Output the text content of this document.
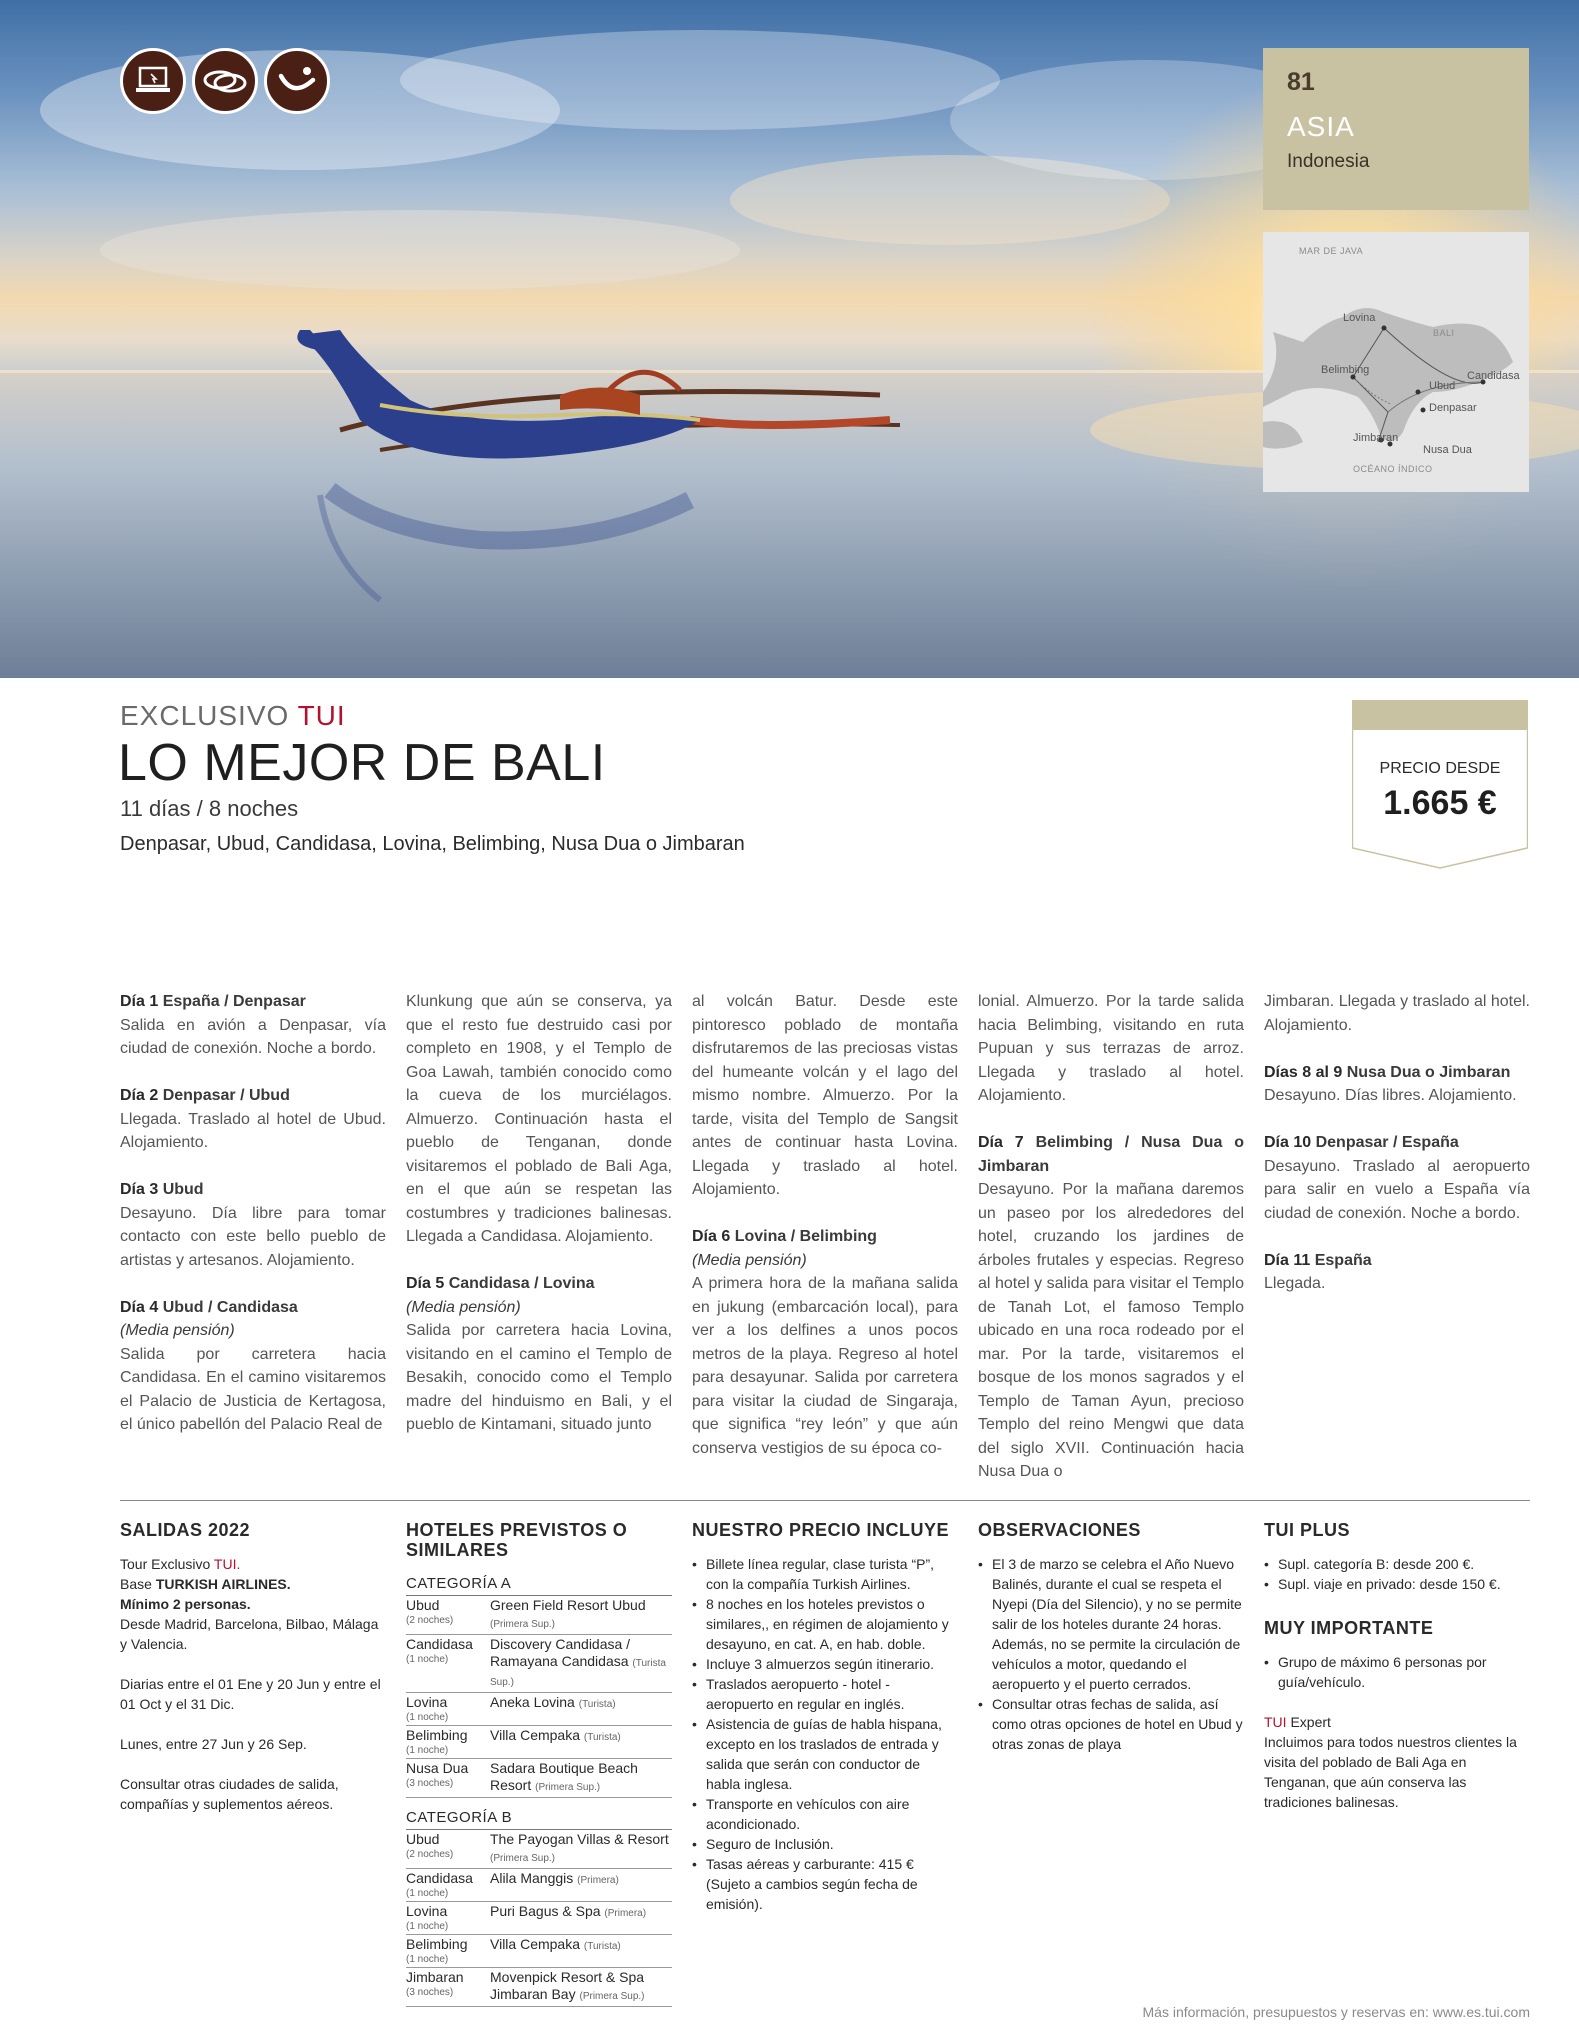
81
ASIA
Indonesia
MAR DE JAVA
Lovina
BALI
Belimbing	Candidasa
Ubud
Denpasar
Jimbaran
Nusa Dua
OCÉANO ÍNDICO
EXCLUSIVO TUI
LO MEJOR DE BALI
11 días / 8 noches
Denpasar, Ubud, Candidasa, Lovina, Belimbing, Nusa Dua o Jimbaran
PRECIO DESDE
1.665 €

Día 1 España / Denpasar
Salida en avión a Denpasar, vía ciudad de conexión. Noche a bordo.

Día 2 Denpasar / Ubud
Llegada. Traslado al hotel de Ubud. Alojamiento.

Día 3 Ubud
Desayuno. Día libre para tomar contacto con este bello pueblo de artistas y artesanos. Alojamiento.

Día 4 Ubud / Candidasa
(Media pensión)
Salida por carretera hacia Candidasa. En el camino visitaremos el Palacio de Justicia de Kertagosa, el único pabellón del Palacio Real de

Klunkung que aún se conserva, ya que el resto fue destruido casi por completo en 1908, y el Templo de Goa Lawah, también conocido como la cueva de los murciélagos. Almuerzo. Continuación hasta el pueblo de Tenganan, donde visitaremos el poblado de Bali Aga, en el que aún se respetan las costumbres y tradiciones balinesas. Llegada a Candidasa. Alojamiento.

Día 5 Candidasa / Lovina
(Media pensión)
Salida por carretera hacia Lovina, visitando en el camino el Templo de Besakih, conocido como el Templo madre del hinduismo en Bali, y el pueblo de Kintamani, situado junto

al volcán Batur. Desde este pintoresco poblado de montaña disfrutaremos de las preciosas vistas del humeante volcán y el lago del mismo nombre. Almuerzo. Por la tarde, visita del Templo de Sangsit antes de continuar hasta Lovina. Llegada y traslado al hotel. Alojamiento.

Día 6 Lovina / Belimbing
(Media pensión)
A primera hora de la mañana salida en jukung (embarcación local), para ver a los delfines a unos pocos metros de la playa. Regreso al hotel para desayunar. Salida por carretera para visitar la ciudad de Singaraja, que significa “rey león” y que aún conserva vestigios de su época co-

lonial. Almuerzo. Por la tarde salida hacia Belimbing, visitando en ruta Pupuan y sus terrazas de arroz. Llegada y traslado al hotel. Alojamiento.

Día 7 Belimbing / Nusa Dua o Jimbaran
Desayuno. Por la mañana daremos un paseo por los alrededores del hotel, cruzando los jardines de árboles frutales y especias. Regreso al hotel y salida para visitar el Templo de Tanah Lot, el famoso Templo ubicado en una roca rodeado por el mar. Por la tarde, visitaremos el bosque de los monos sagrados y el Templo de Taman Ayun, precioso Templo del reino Mengwi que data del siglo XVII. Continuación hacia Nusa Dua o

Jimbaran. Llegada y traslado al hotel. Alojamiento.

Días 8 al 9 Nusa Dua o Jimbaran
Desayuno. Días libres. Alojamiento.

Día 10 Denpasar / España
Desayuno. Traslado al aeropuerto para salir en vuelo a España vía ciudad de conexión. Noche a bordo.

Día 11 España
Llegada.

SALIDAS 2022
Tour Exclusivo TUI.
Base TURKISH AIRLINES.
Mínimo 2 personas.
Desde Madrid, Barcelona, Bilbao, Málaga y Valencia.
Diarias entre el 01 Ene y 20 Jun y entre el 01 Oct y el 31 Dic.
Lunes, entre 27 Jun y 26 Sep.
Consultar otras ciudades de salida, compañías y suplementos aéreos.
HOTELES PREVISTOS O SIMILARES
CATEGORÍA A
Ubud
(2 noches)
Green Field Resort Ubud (Primera Sup.)
Candidasa
(1 noche)
Discovery Candidasa / Ramayana Candidasa (Turista Sup.)
Lovina
(1 noche)
Aneka Lovina (Turista)
Belimbing
(1 noche)
Villa Cempaka (Turista)
Nusa Dua
(3 noches)
Sadara Boutique Beach Resort (Primera Sup.)
CATEGORÍA B
Ubud
(2 noches)
The Payogan Villas & Resort (Primera Sup.)
Candidasa
(1 noche)
Alila Manggis (Primera)
Lovina
(1 noche)
Puri Bagus & Spa (Primera)
Belimbing
(1 noche)
Villa Cempaka (Turista)
Jimbaran
(3 noches)
Movenpick Resort & Spa Jimbaran Bay (Primera Sup.)
NUESTRO PRECIO INCLUYE
• Billete línea regular, clase turista “P”, con la compañía Turkish Airlines.
• 8 noches en los hoteles previstos o similares,, en régimen de alojamiento y desayuno, en cat. A, en hab. doble.
• Incluye 3 almuerzos según itinerario.
• Traslados aeropuerto - hotel - aeropuerto en regular en inglés.
• Asistencia de guías de habla hispana, excepto en los traslados de entrada y salida que serán con conductor de habla inglesa.
• Transporte en vehículos con aire acondicionado.
• Seguro de Inclusión.
• Tasas aéreas y carburante: 415 € (Sujeto a cambios según fecha de emisión).
OBSERVACIONES
• El 3 de marzo se celebra el Año Nuevo Balinés, durante el cual se respeta el Nyepi (Día del Silencio), y no se permite salir de los hoteles durante 24 horas. Además, no se permite la circulación de vehículos a motor, quedando el aeropuerto y el puerto cerrados.
• Consultar otras fechas de salida, así como otras opciones de hotel en Ubud y otras zonas de playa
TUI PLUS
• Supl. categoría B: desde 200 €.
• Supl. viaje en privado: desde 150 €.
MUY IMPORTANTE
• Grupo de máximo 6 personas por guía/vehículo.
TUI Expert
Incluimos para todos nuestros clientes la visita del poblado de Bali Aga en Tenganan, que aún conserva las tradiciones balinesas.
Más información, presupuestos y reservas en: www.es.tui.com
